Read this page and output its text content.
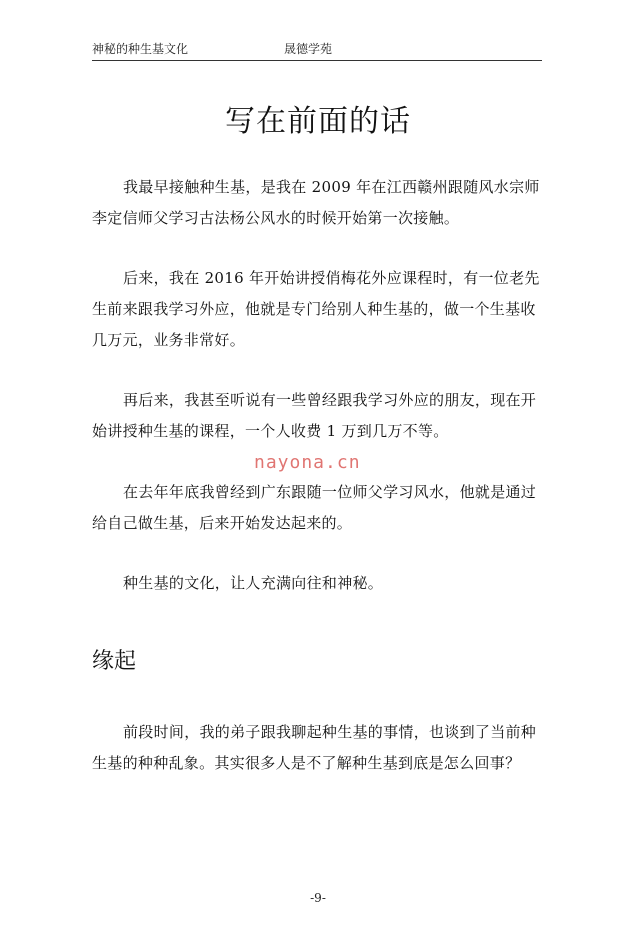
神秘的种生基文化	晟德学苑
写在前面的话
我最早接触种生基，是我在 2009 年在江西赣州跟随风水宗师李定信师父学习古法杨公风水的时候开始第一次接触。
后来，我在 2016 年开始讲授俏梅花外应课程时，有一位老先生前来跟我学习外应，他就是专门给别人种生基的，做一个生基收几万元，业务非常好。
再后来，我甚至听说有一些曾经跟我学习外应的朋友，现在开始讲授种生基的课程，一个人收费 1 万到几万不等。
在去年年底我曾经到广东跟随一位师父学习风水，他就是通过给自己做生基，后来开始发达起来的。
种生基的文化，让人充满向往和神秘。
nayona.cn
缘起
前段时间，我的弟子跟我聊起种生基的事情，也谈到了当前种生基的种种乱象。其实很多人是不了解种生基到底是怎么回事？
-9-
